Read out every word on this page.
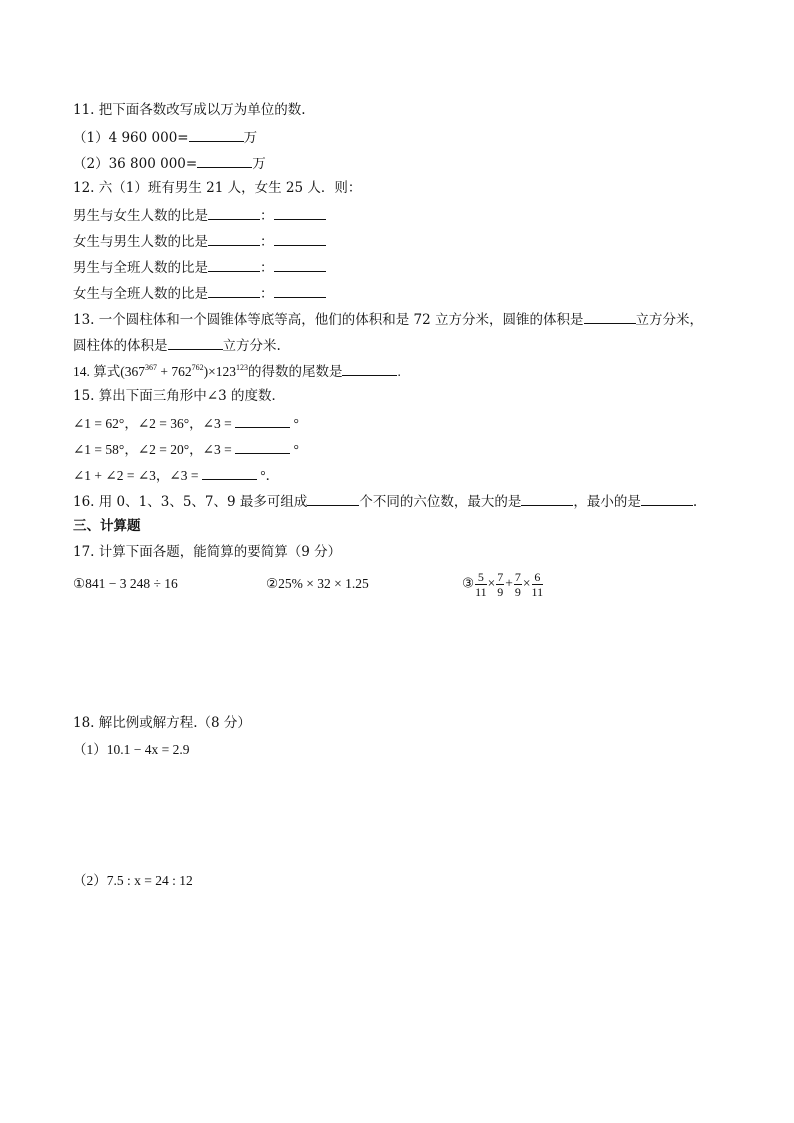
11. 把下面各数改写成以万为单位的数.
（1）4 960 000=	万
（2）36 800 000=	万
12. 六（1）班有男生 21 人，女生 25 人．则：
男生与女生人数的比是	：
女生与男生人数的比是	：
男生与全班人数的比是	：
女生与全班人数的比是	：
13. 一个圆柱体和一个圆锥体等底等高，他们的体积和是 72 立方分米，圆锥的体积是	立方分米，
圆柱体的体积是	立方分米.
14. 算式$(367^{367} + 762^{762})\times 123^{123}$的得数的尾数是	.
15. 算出下面三角形中∠3 的度数．
∠1 = 62°，∠2 = 36°，∠3 =	°
∠1 = 58°，∠2 = 20°，∠3 =	°
∠1 + ∠2 = ∠3，∠3 =	°．
16. 用 0、1、3、5、7、9 最多可组成	个不同的六位数，最大的是	，最小的是	.
三、计算题
17. 计算下面各题，能简算的要简算（9 分）
①841 − 3 248 ÷ 16	②25% × 32 × 1.25	③ $\frac{5}{11} \times \frac{7}{9} + \frac{7}{9} \times \frac{6}{11}$
18. 解比例或解方程.（8 分）
（1）10.1 − 4x = 2.9
（2）7.5 : x = 24 : 12
